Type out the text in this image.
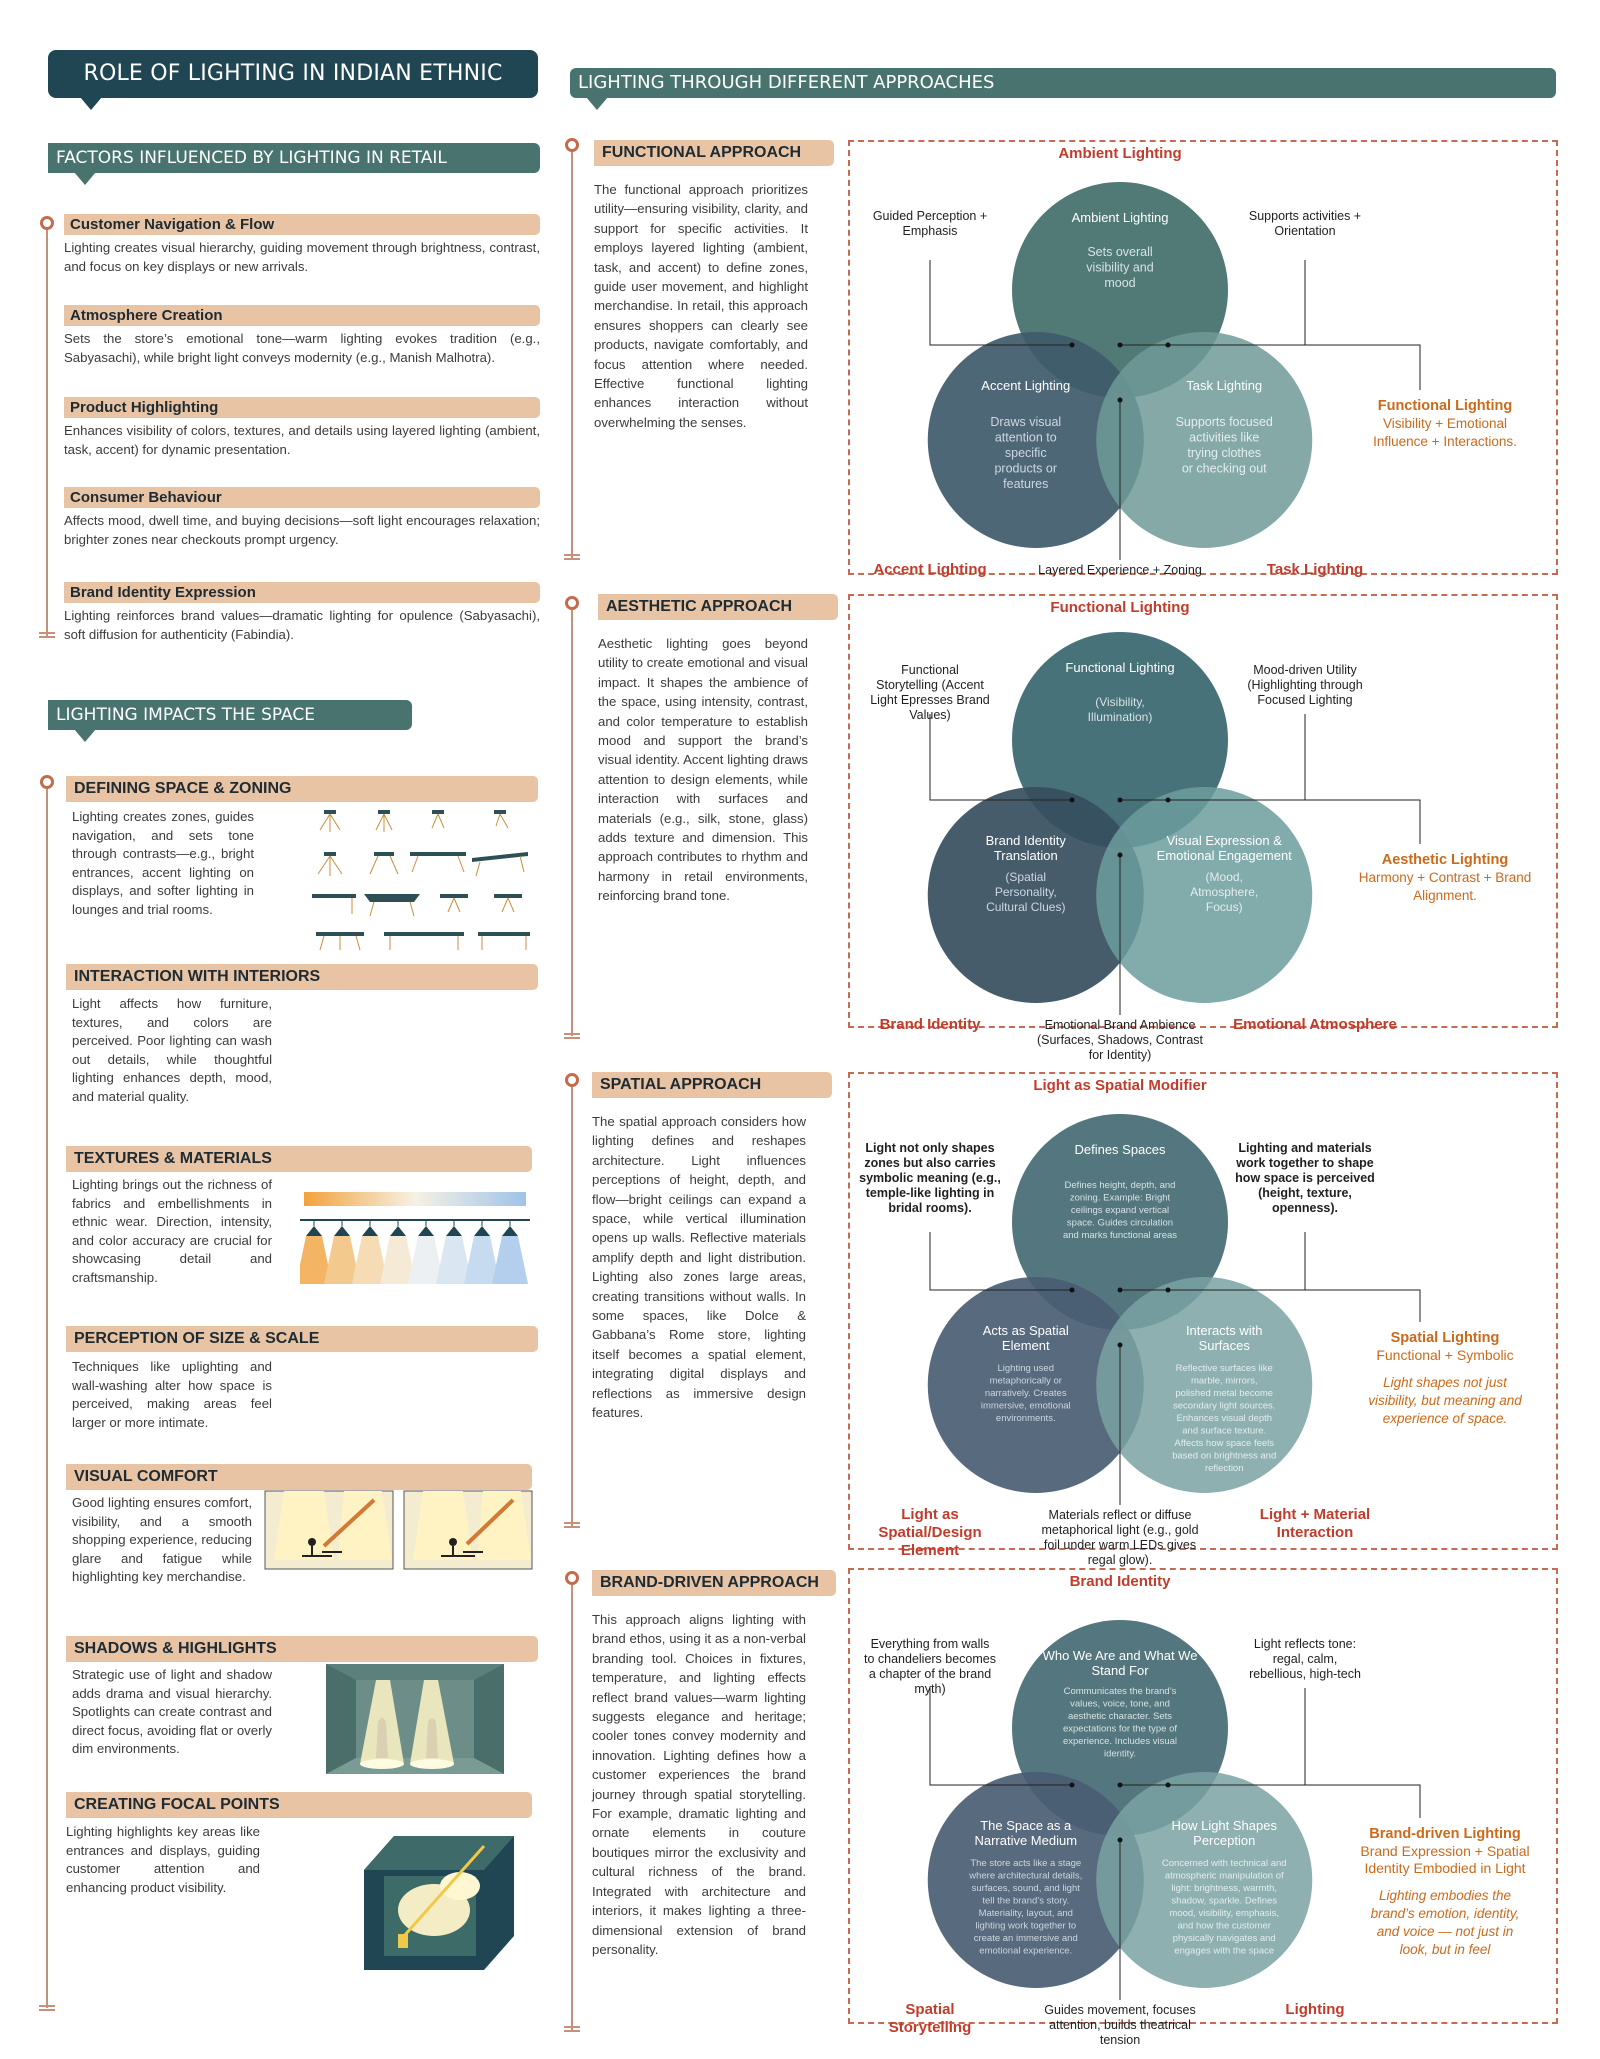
ROLE OF LIGHTING IN INDIAN ETHNIC RETAIL
FACTORS INFLUENCED BY LIGHTING IN RETAIL
Customer Navigation & Flow
Lighting creates visual hierarchy, guiding movement through brightness, contrast, and focus on key displays or new arrivals.
Atmosphere Creation
Sets the store’s emotional tone—warm lighting evokes tradition (e.g., Sabyasachi), while bright light conveys modernity (e.g., Manish Malhotra).
Product Highlighting
Enhances visibility of colors, textures, and details using layered lighting (ambient, task, accent) for dynamic presentation.
Consumer Behaviour
Affects mood, dwell time, and buying decisions—soft light encourages relaxation; brighter zones near checkouts prompt urgency.
Brand Identity Expression
Lighting reinforces brand values—dramatic lighting for opulence (Sabyasachi), soft diffusion for authenticity (Fabindia).
LIGHTING IMPACTS THE SPACE
DEFINING SPACE & ZONING
Lighting creates zones, guides navigation, and sets tone through contrasts—e.g., bright entrances, accent lighting on displays, and softer lighting in lounges and trial rooms.
INTERACTION WITH INTERIORS
Light affects how furniture, textures, and colors are perceived. Poor lighting can wash out details, while thoughtful lighting enhances depth, mood, and material quality.
TEXTURES & MATERIALS
Lighting brings out the richness of fabrics and embellishments in ethnic wear. Direction, intensity, and color accuracy are crucial for showcasing detail and craftsmanship.
PERCEPTION OF SIZE & SCALE
Techniques like uplighting and wall-washing alter how space is perceived, making areas feel larger or more intimate.
VISUAL COMFORT
Good lighting ensures comfort, visibility, and a smooth shopping experience, reducing glare and fatigue while highlighting key merchandise.
SHADOWS & HIGHLIGHTS
Strategic use of light and shadow adds drama and visual hierarchy. Spotlights can create contrast and direct focus, avoiding flat or overly dim environments.
CREATING FOCAL POINTS
Lighting highlights key areas like entrances and displays, guiding customer attention and enhancing product visibility.
LIGHTING THROUGH DIFFERENT APPROACHES
FUNCTIONAL APPROACH
The functional approach prioritizes utility—ensuring visibility, clarity, and support for specific activities. It employs layered lighting (ambient, task, and accent) to define zones, guide user movement, and highlight merchandise. In retail, this approach ensures shoppers can clearly see products, navigate comfortably, and focus attention where needed. Effective functional lighting enhances interaction without overwhelming the senses.
AESTHETIC APPROACH
Aesthetic lighting goes beyond utility to create emotional and visual impact. It shapes the ambience of the space, using intensity, contrast, and color temperature to establish mood and support the brand’s visual identity. Accent lighting draws attention to design elements, while interaction with surfaces and materials (e.g., silk, stone, glass) adds texture and dimension. This approach contributes to rhythm and harmony in retail environments, reinforcing brand tone.
SPATIAL APPROACH
The spatial approach considers how lighting defines and reshapes architecture. Light influences perceptions of height, depth, and flow—bright ceilings can expand a space, while vertical illumination opens up walls. Reflective materials amplify depth and light distribution. Lighting also zones large areas, creating transitions without walls. In some spaces, like Dolce & Gabbana’s Rome store, lighting itself becomes a spatial element, integrating digital displays and reflections as immersive design features.
BRAND-DRIVEN APPROACH
This approach aligns lighting with brand ethos, using it as a non-verbal branding tool. Choices in fixtures, temperature, and lighting effects reflect brand values—warm lighting suggests elegance and heritage; cooler tones convey modernity and innovation. Lighting defines how a customer experiences the brand journey through spatial storytelling. For example, dramatic lighting and ornate elements in couture boutiques mirror the exclusivity and cultural richness of the brand. Integrated with architecture and interiors, it makes lighting a three-dimensional extension of brand personality.
Ambient Lighting
Ambient Lighting
Sets overall visibility and mood
Accent Lighting
Draws visual attention to specific products or features
Task Lighting
Supports focused activities like trying clothes or checking out
Guided Perception + Emphasis
Supports activities + Orientation
Layered Experience + Zoning
Accent Lighting	Task Lighting
Functional Lighting
Visibility + Emotional Influence + Interactions.
Functional Lighting
Functional Lighting
(Visibility, Illumination)
Brand Identity Translation
(Spatial Personality, Cultural Clues)
Visual Expression & Emotional Engagement
(Mood, Atmosphere, Focus)
Functional Storytelling (Accent Light Epresses Brand Values)
Mood-driven Utility (Highlighting through Focused Lighting
Emotional Brand Ambience (Surfaces, Shadows, Contrast for Identity)
Brand Identity	Emotional Atmosphere
Aesthetic Lighting
Harmony + Contrast + Brand Alignment.
Light as Spatial Modifier
Defines Spaces
Defines height, depth, and zoning. Example: Bright ceilings expand vertical space. Guides circulation and marks functional areas
Acts as Spatial Element
Lighting used metaphorically or narratively. Creates immersive, emotional environments.
Interacts with Surfaces
Reflective surfaces like marble, mirrors, polished metal become secondary light sources. Enhances visual depth and surface texture. Affects how space feels based on brightness and reflection
Light not only shapes zones but also carries symbolic meaning (e.g., temple-like lighting in bridal rooms).
Lighting and materials work together to shape how space is perceived (height, texture, openness).
Materials reflect or diffuse metaphorical light (e.g., gold foil under warm LEDs gives regal glow).
Light as Spatial/Design Element
Light + Material Interaction
Spatial Lighting
Functional + Symbolic
Light shapes not just visibility, but meaning and experience of space.
Brand Identity
Who We Are and What We Stand For
Communicates the brand’s values, voice, tone, and aesthetic character. Sets expectations for the type of experience. Includes visual identity.
The Space as a Narrative Medium
The store acts like a stage where architectural details, surfaces, sound, and light tell the brand’s story. Materiality, layout, and lighting work together to create an immersive and emotional experience.
How Light Shapes Perception
Concerned with technical and atmospheric manipulation of light: brightness, warmth, shadow, sparkle. Defines mood, visibility, emphasis, and how the customer physically navigates and engages with the space
Everything from walls to chandeliers becomes a chapter of the brand myth)
Light reflects tone: regal, calm, rebellious, high-tech
Guides movement, focuses attention, builds theatrical tension
Spatial Storytelling
Lighting
Brand-driven Lighting
Brand Expression + Spatial Identity Embodied in Light
Lighting embodies the brand’s emotion, identity, and voice — not just in look, but in feel
